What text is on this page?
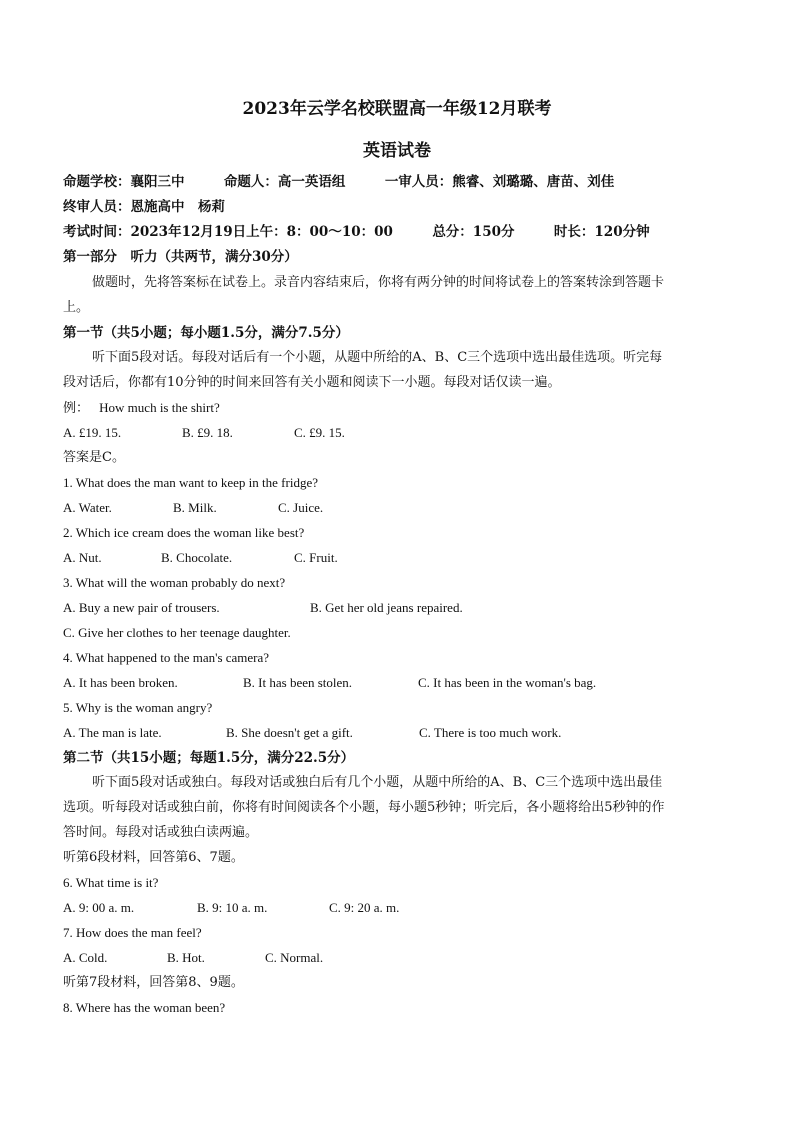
2023年云学名校联盟高一年级12月联考
英语试卷
命题学校：襄阳三中	命题人：高一英语组	一审人员：熊睿、刘璐璐、唐苗、刘佳
终审人员：恩施高中　杨莉
考试时间：2023年12月19日上午：8：00～10：00	总分：150分	时长：120分钟
第一部分　听力（共两节，满分30分）
做题时，先将答案标在试卷上。录音内容结束后，你将有两分钟的时间将试卷上的答案转涂到答题卡
上。
第一节（共5小题；每小题1.5分，满分7.5分）
听下面5段对话。每段对话后有一个小题，从题中所给的A、B、C三个选项中选出最佳选项。听完每
段对话后，你都有10分钟的时间来回答有关小题和阅读下一小题。每段对话仅读一遍。
例： How much is the shirt?
A. £19. 15.	B. £9. 18.	C. £9. 15.
答案是C。
1. What does the man want to keep in the fridge?
A. Water.	B. Milk.	C. Juice.
2. Which ice cream does the woman like best?
A. Nut.	B. Chocolate.	C. Fruit.
3. What will the woman probably do next?
A. Buy a new pair of trousers.	B. Get her old jeans repaired.
C. Give her clothes to her teenage daughter.
4. What happened to the man's camera?
A. It has been broken.	B. It has been stolen.	C. It has been in the woman's bag.
5. Why is the woman angry?
A. The man is late.	B. She doesn't get a gift.	C. There is too much work.
第二节（共15小题；每题1.5分，满分22.5分）
听下面5段对话或独白。每段对话或独白后有几个小题，从题中所给的A、B、C三个选项中选出最佳
选项。听每段对话或独白前，你将有时间阅读各个小题，每小题5秒钟；听完后，各小题将给出5秒钟的作
答时间。每段对话或独白读两遍。
听第6段材料，回答第6、7题。
6. What time is it?
A. 9: 00 a. m.	B. 9: 10 a. m.	C. 9: 20 a. m.
7. How does the man feel?
A. Cold.	B. Hot.	C. Normal.
听第7段材料，回答第8、9题。
8. Where has the woman been?
